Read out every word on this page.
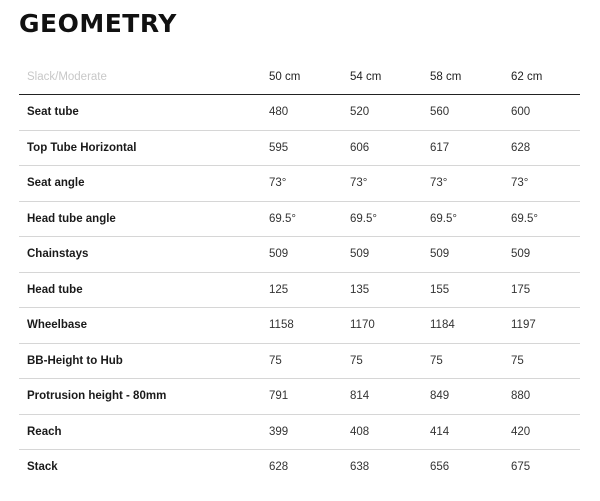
GEOMETRY
Slack/Moderate	50 cm	54 cm	58 cm	62 cm
Seat tube	480	520	560	600
Top Tube Horizontal	595	606	617	628
Seat angle	73°	73°	73°	73°
Head tube angle	69.5°	69.5°	69.5°	69.5°
Chainstays	509	509	509	509
Head tube	125	135	155	175
Wheelbase	1158	1170	1184	1197
BB-Height to Hub	75	75	75	75
Protrusion height - 80mm	791	814	849	880
Reach	399	408	414	420
Stack	628	638	656	675
